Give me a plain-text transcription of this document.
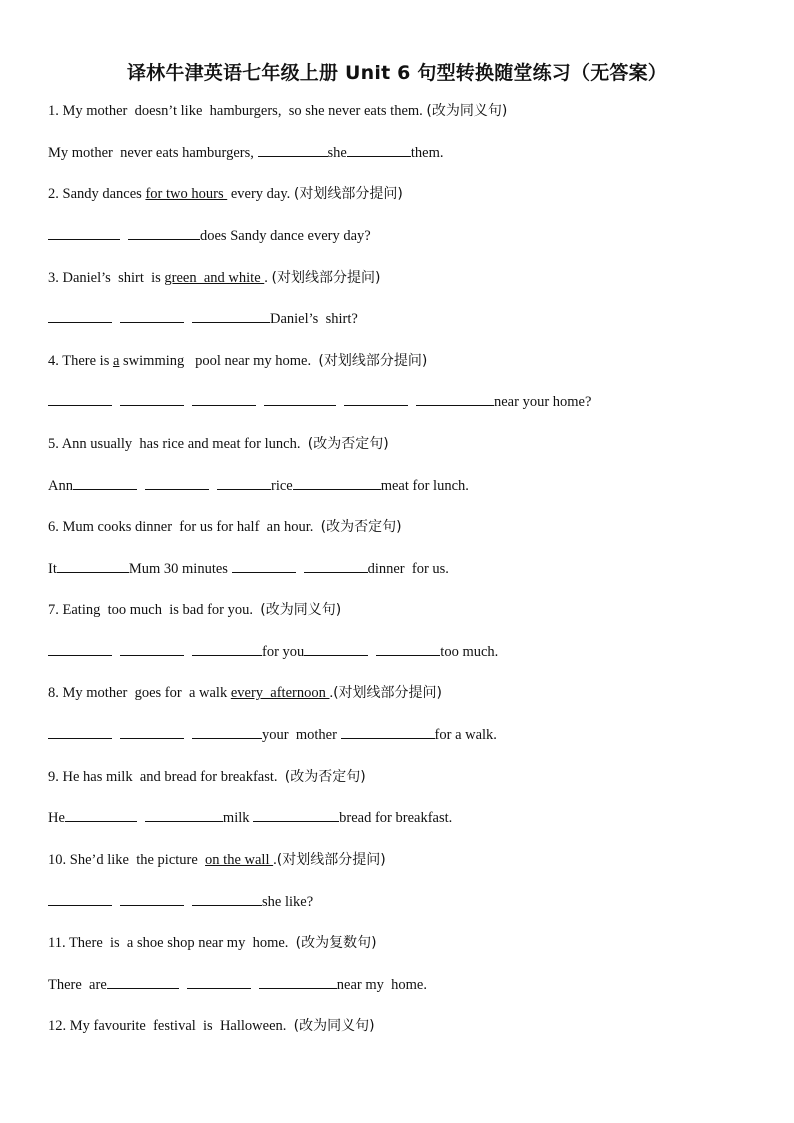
译林牛津英语七年级上册 Unit 6 句型转换随堂练习（无答案）
1. My mother  doesn’t like  hamburgers,  so she never eats them. (改为同义句)
My mother  never eats hamburgers,	she	them.
2. Sandy dances for two hours  every day. (对划线部分提问)
does Sandy dance every day?
3. Daniel’s  shirt  is green  and white . (对划线部分提问)
Daniel’s  shirt?
4. There is a swimming   pool near my home.  (对划线部分提问)
near your home?
5. Ann usually  has rice and meat for lunch.  (改为否定句)
Ann	rice	meat for lunch.
6. Mum cooks dinner  for us for half  an hour.  (改为否定句)
It	Mum 30 minutes	dinner  for us.
7. Eating  too much  is bad for you.  (改为同义句)
for you	too much.
8. My mother  goes for  a walk every  afternoon .(对划线部分提问)
your  mother	for a walk.
9. He has milk  and bread for breakfast.  (改为否定句)
He	milk	bread for breakfast.
10. She’d like  the picture  on the wall .(对划线部分提问)
she like?
11. There  is  a shoe shop near my  home.  (改为复数句)
There  are	near my  home.
12. My favourite  festival  is  Halloween.  (改为同义句)
